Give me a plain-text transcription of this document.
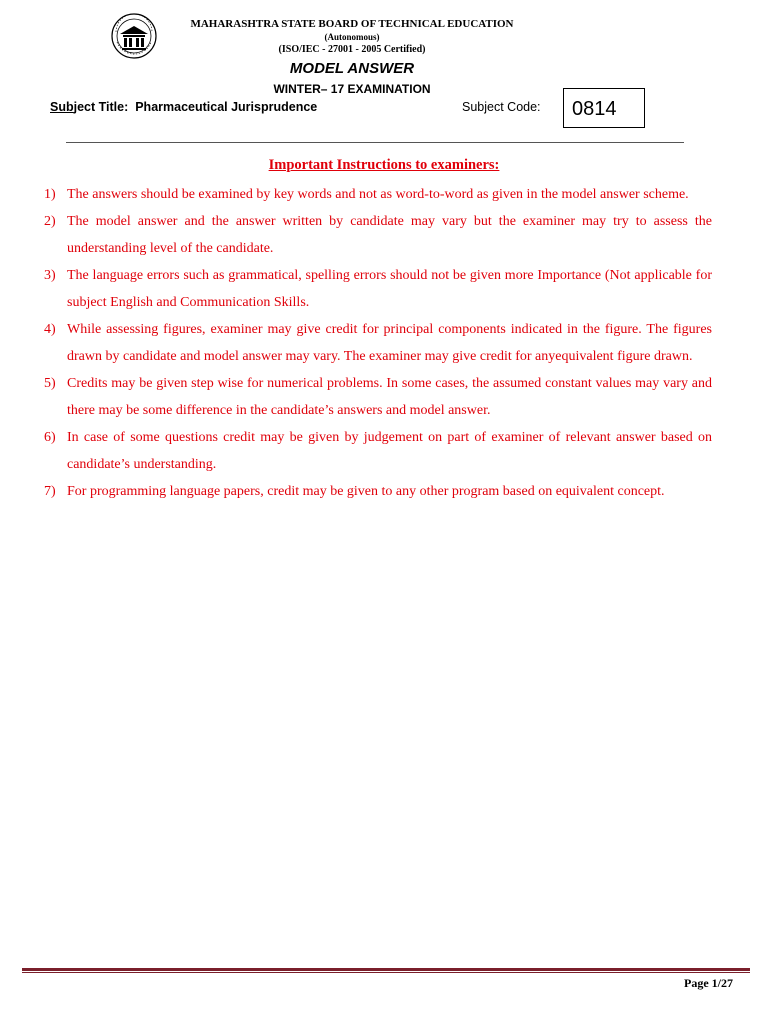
MAHARASHTRA STATE BOARD OF TECHNICAL EDUCATION
(Autonomous)
(ISO/IEC - 27001 - 2005 Certified)
MODEL ANSWER
WINTER– 17 EXAMINATION
Subject Title: Pharmaceutical Jurisprudence	Subject Code:	0814
Important Instructions to examiners:
1) The answers should be examined by key words and not as word-to-word as given in the model answer scheme.
2) The model answer and the answer written by candidate may vary but the examiner may try to assess the understanding level of the candidate.
3) The language errors such as grammatical, spelling errors should not be given more Importance (Not applicable for subject English and Communication Skills.
4) While assessing figures, examiner may give credit for principal components indicated in the figure. The figures drawn by candidate and model answer may vary. The examiner may give credit for anyequivalent figure drawn.
5) Credits may be given step wise for numerical problems. In some cases, the assumed constant values may vary and there may be some difference in the candidate’s answers and model answer.
6) In case of some questions credit may be given by judgement on part of examiner of relevant answer based on candidate’s understanding.
7) For programming language papers, credit may be given to any other program based on equivalent concept.
Page 1/27
